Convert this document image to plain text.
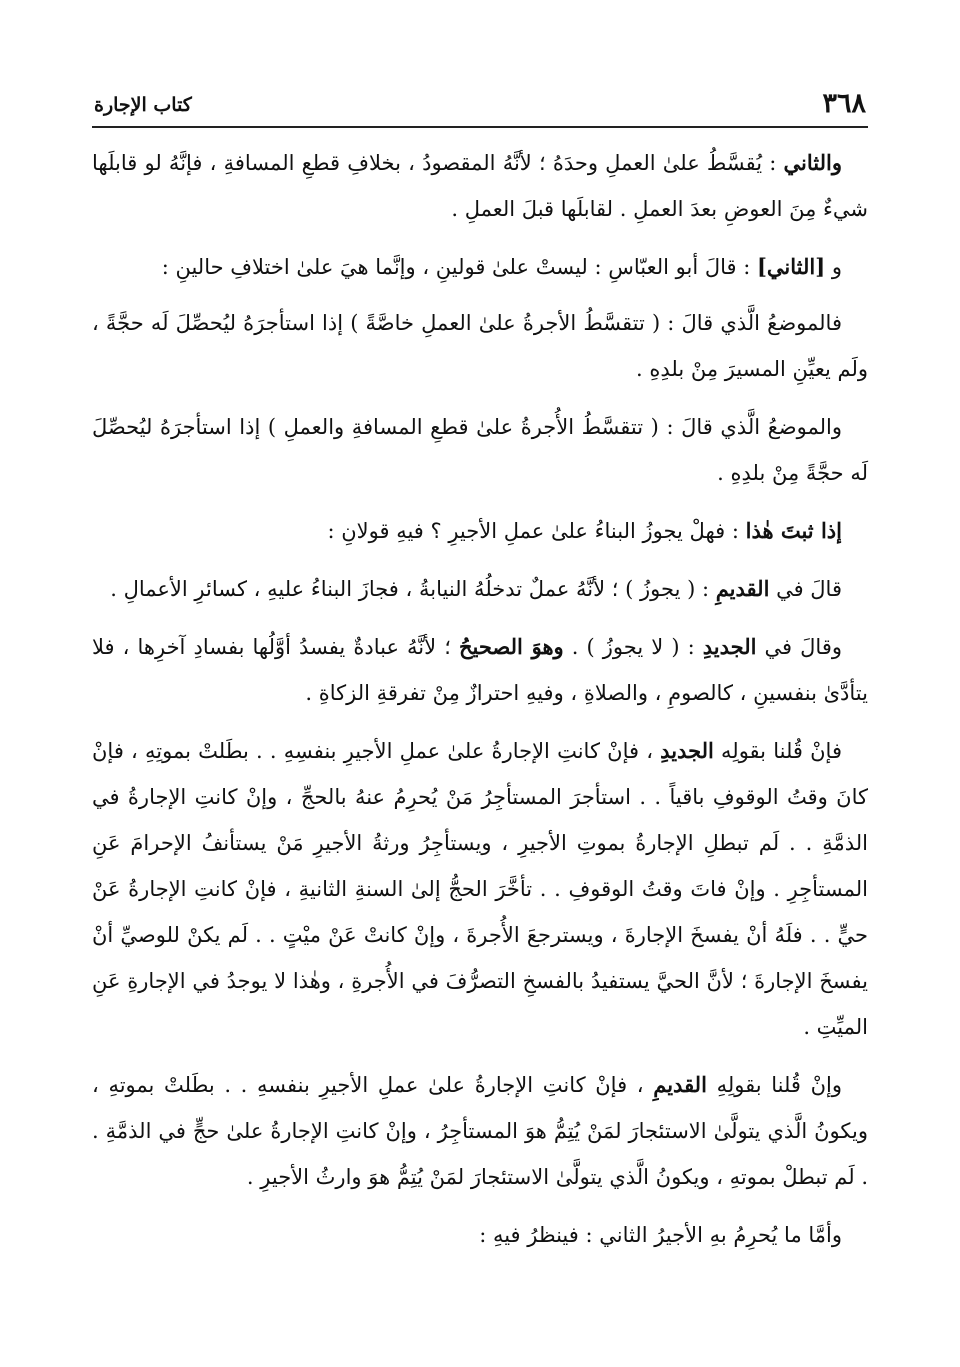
٣٦٨
كتاب الإجارة

والثاني : يُقسَّطُ علىٰ العملِ وحدَهُ ؛ لأنَّهُ المقصودُ ، بخلافِ قطعِ المسافةِ ، فإنَّهُ لو قابلَها شيءٌ مِنَ العوضِ بعدَ العملِ . لقابلَها قبلَ العملِ .

و [الثاني] : قالَ أبو العبّاسِ : ليستْ علىٰ قولينِ ، وإنَّما هيَ علىٰ اختلافِ حالينِ :

فالموضعُ الَّذي قالَ : ( تتقسَّطُ الأجرةُ علىٰ العملِ خاصَّةً ) إذا استأجرَهُ ليُحصِّلَ لَه حجَّةً ، ولَم يعيِّنِ المسيرَ مِنْ بلدِهِ .

والموضعُ الَّذي قالَ : ( تتقسَّطُ الأُجرةُ علىٰ قطعِ المسافةِ والعملِ ) إذا استأجرَهُ ليُحصِّلَ لَه حجَّةً مِنْ بلدِهِ .

إذا ثبتَ هٰذا : فهلْ يجوزُ البناءُ علىٰ عملِ الأجيرِ ؟ فيهِ قولانِ :

قالَ في القديمِ : ( يجوزُ ) ؛ لأنَّهُ عملٌ تدخلُهُ النيابةُ ، فجازَ البناءُ عليهِ ، كسائرِ الأعمالِ .

وقالَ في الجديدِ : ( لا يجوزُ ) . وهوَ الصحيحُ ؛ لأنَّهُ عبادةٌ يفسدُ أوَّلُها بفسادِ آخرِها ، فلا يتأدَّىٰ بنفسينِ ، كالصومِ ، والصلاةِ ، وفيهِ احترازٌ مِنْ تفرقةِ الزكاةِ .

فإنْ قُلنا بقولِه الجديدِ ، فإنْ كانتِ الإجارةُ علىٰ عملِ الأجيرِ بنفسِهِ . . بطَلتْ بموتِهِ ، فإنْ كانَ وقتُ الوقوفِ باقياً . . استأجرَ المستأجِرُ مَنْ يُحرِمُ عنهُ بالحجِّ ، وإنْ كانتِ الإجارةُ في الذمَّةِ . . لَم تبطلِ الإجارةُ بموتِ الأجيرِ ، ويستأجِرُ ورثةُ الأجيرِ مَنْ يستأنفُ الإحرامَ عَنِ المستأجِرِ . وإنْ فاتَ وقتُ الوقوفِ . . تأخَّرَ الحجُّ إلىٰ السنةِ الثانيةِ ، فإنْ كانتِ الإجارةُ عَنْ حيٍّ . . فلَهُ أنْ يفسخَ الإجارةَ ، ويسترجعَ الأُجرةَ ، وإنْ كانتْ عَنْ ميْتٍ . . لَم يكنْ للوصيِّ أنْ يفسخَ الإجارةَ ؛ لأنَّ الحيَّ يستفيدُ بالفسخِ التصرُّفَ في الأُجرةِ ، وهٰذا لا يوجدُ في الإجارةِ عَنِ الميِّتِ .

وإنْ قُلنا بقولِهِ القديمِ ، فإنْ كانتِ الإجارةُ علىٰ عملِ الأجيرِ بنفسهِ . . بطَلتْ بموتهِ ، ويكونُ الَّذي يتولَّىٰ الاستئجارَ لمَنْ يُتِمُّ هوَ المستأجِرُ ، وإنْ كانتِ الإجارةُ علىٰ حجٍّ في الذمَّةِ . . لَم تبطلْ بموتهِ ، ويكونُ الَّذي يتولَّىٰ الاستئجارَ لمَنْ يُتِمُّ هوَ وارثُ الأجيرِ .

وأمَّا ما يُحرِمُ بهِ الأجيرُ الثاني : فينظرُ فيهِ :
